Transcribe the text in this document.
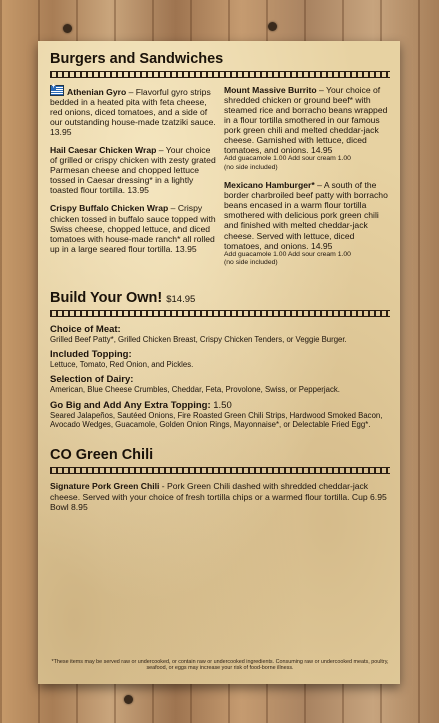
Burgers and Sandwiches
+Athenian Gyro – Flavorful gyro strips bedded in a heated pita with feta cheese, red onions, diced tomatoes, and a side of our outstanding house-made tzatziki sauce. 13.95
Hail Caesar Chicken Wrap – Your choice of grilled or crispy chicken with zesty grated Parmesan cheese and chopped lettuce tossed in Caesar dressing* in a lightly toasted flour tortilla. 13.95
Crispy Buffalo Chicken Wrap – Crispy chicken tossed in buffalo sauce topped with Swiss cheese, chopped lettuce, and diced tomatoes with house-made ranch* all rolled up in a large seared flour tortilla. 13.95
Mount Massive Burrito – Your choice of shredded chicken or ground beef* with steamed rice and borracho beans wrapped in a flour tortilla smothered in our famous pork green chili and melted cheddar-jack cheese. Garnished with lettuce, diced tomatoes, and onions. 14.95
Add guacamole 1.00 Add sour cream 1.00
(no side included)
Mexicano Hamburger* – A south of the border charbroiled beef patty with borracho beans encased in a warm flour tortilla smothered with delicious pork green chili and finished with melted cheddar-jack cheese. Served with lettuce, diced tomatoes, and onions. 14.95
Add guacamole 1.00 Add sour cream 1.00
(no side included)
Build Your Own! $14.95
Choice of Meat:
Grilled Beef Patty*, Grilled Chicken Breast, Crispy Chicken Tenders, or Veggie Burger.
Included Topping:
Lettuce, Tomato, Red Onion, and Pickles.
Selection of Dairy:
American, Blue Cheese Crumbles, Cheddar, Feta, Provolone, Swiss, or Pepperjack.
Go Big and Add Any Extra Topping: 1.50
Seared Jalapeños, Sautéed Onions, Fire Roasted Green Chili Strips, Hardwood Smoked Bacon, Avocado Wedges, Guacamole, Golden Onion Rings, Mayonnaise*, or Delectable Fried Egg*.
CO Green Chili
Signature Pork Green Chili - Pork Green Chili dashed with shredded cheddar-jack cheese. Served with your choice of fresh tortilla chips or a warmed flour tortilla. Cup 6.95 Bowl 8.95
*These items may be served raw or undercooked, or contain raw or undercooked ingredients. Consuming raw or undercooked meats, poultry, seafood, or eggs may increase your risk of food-borne illness.
